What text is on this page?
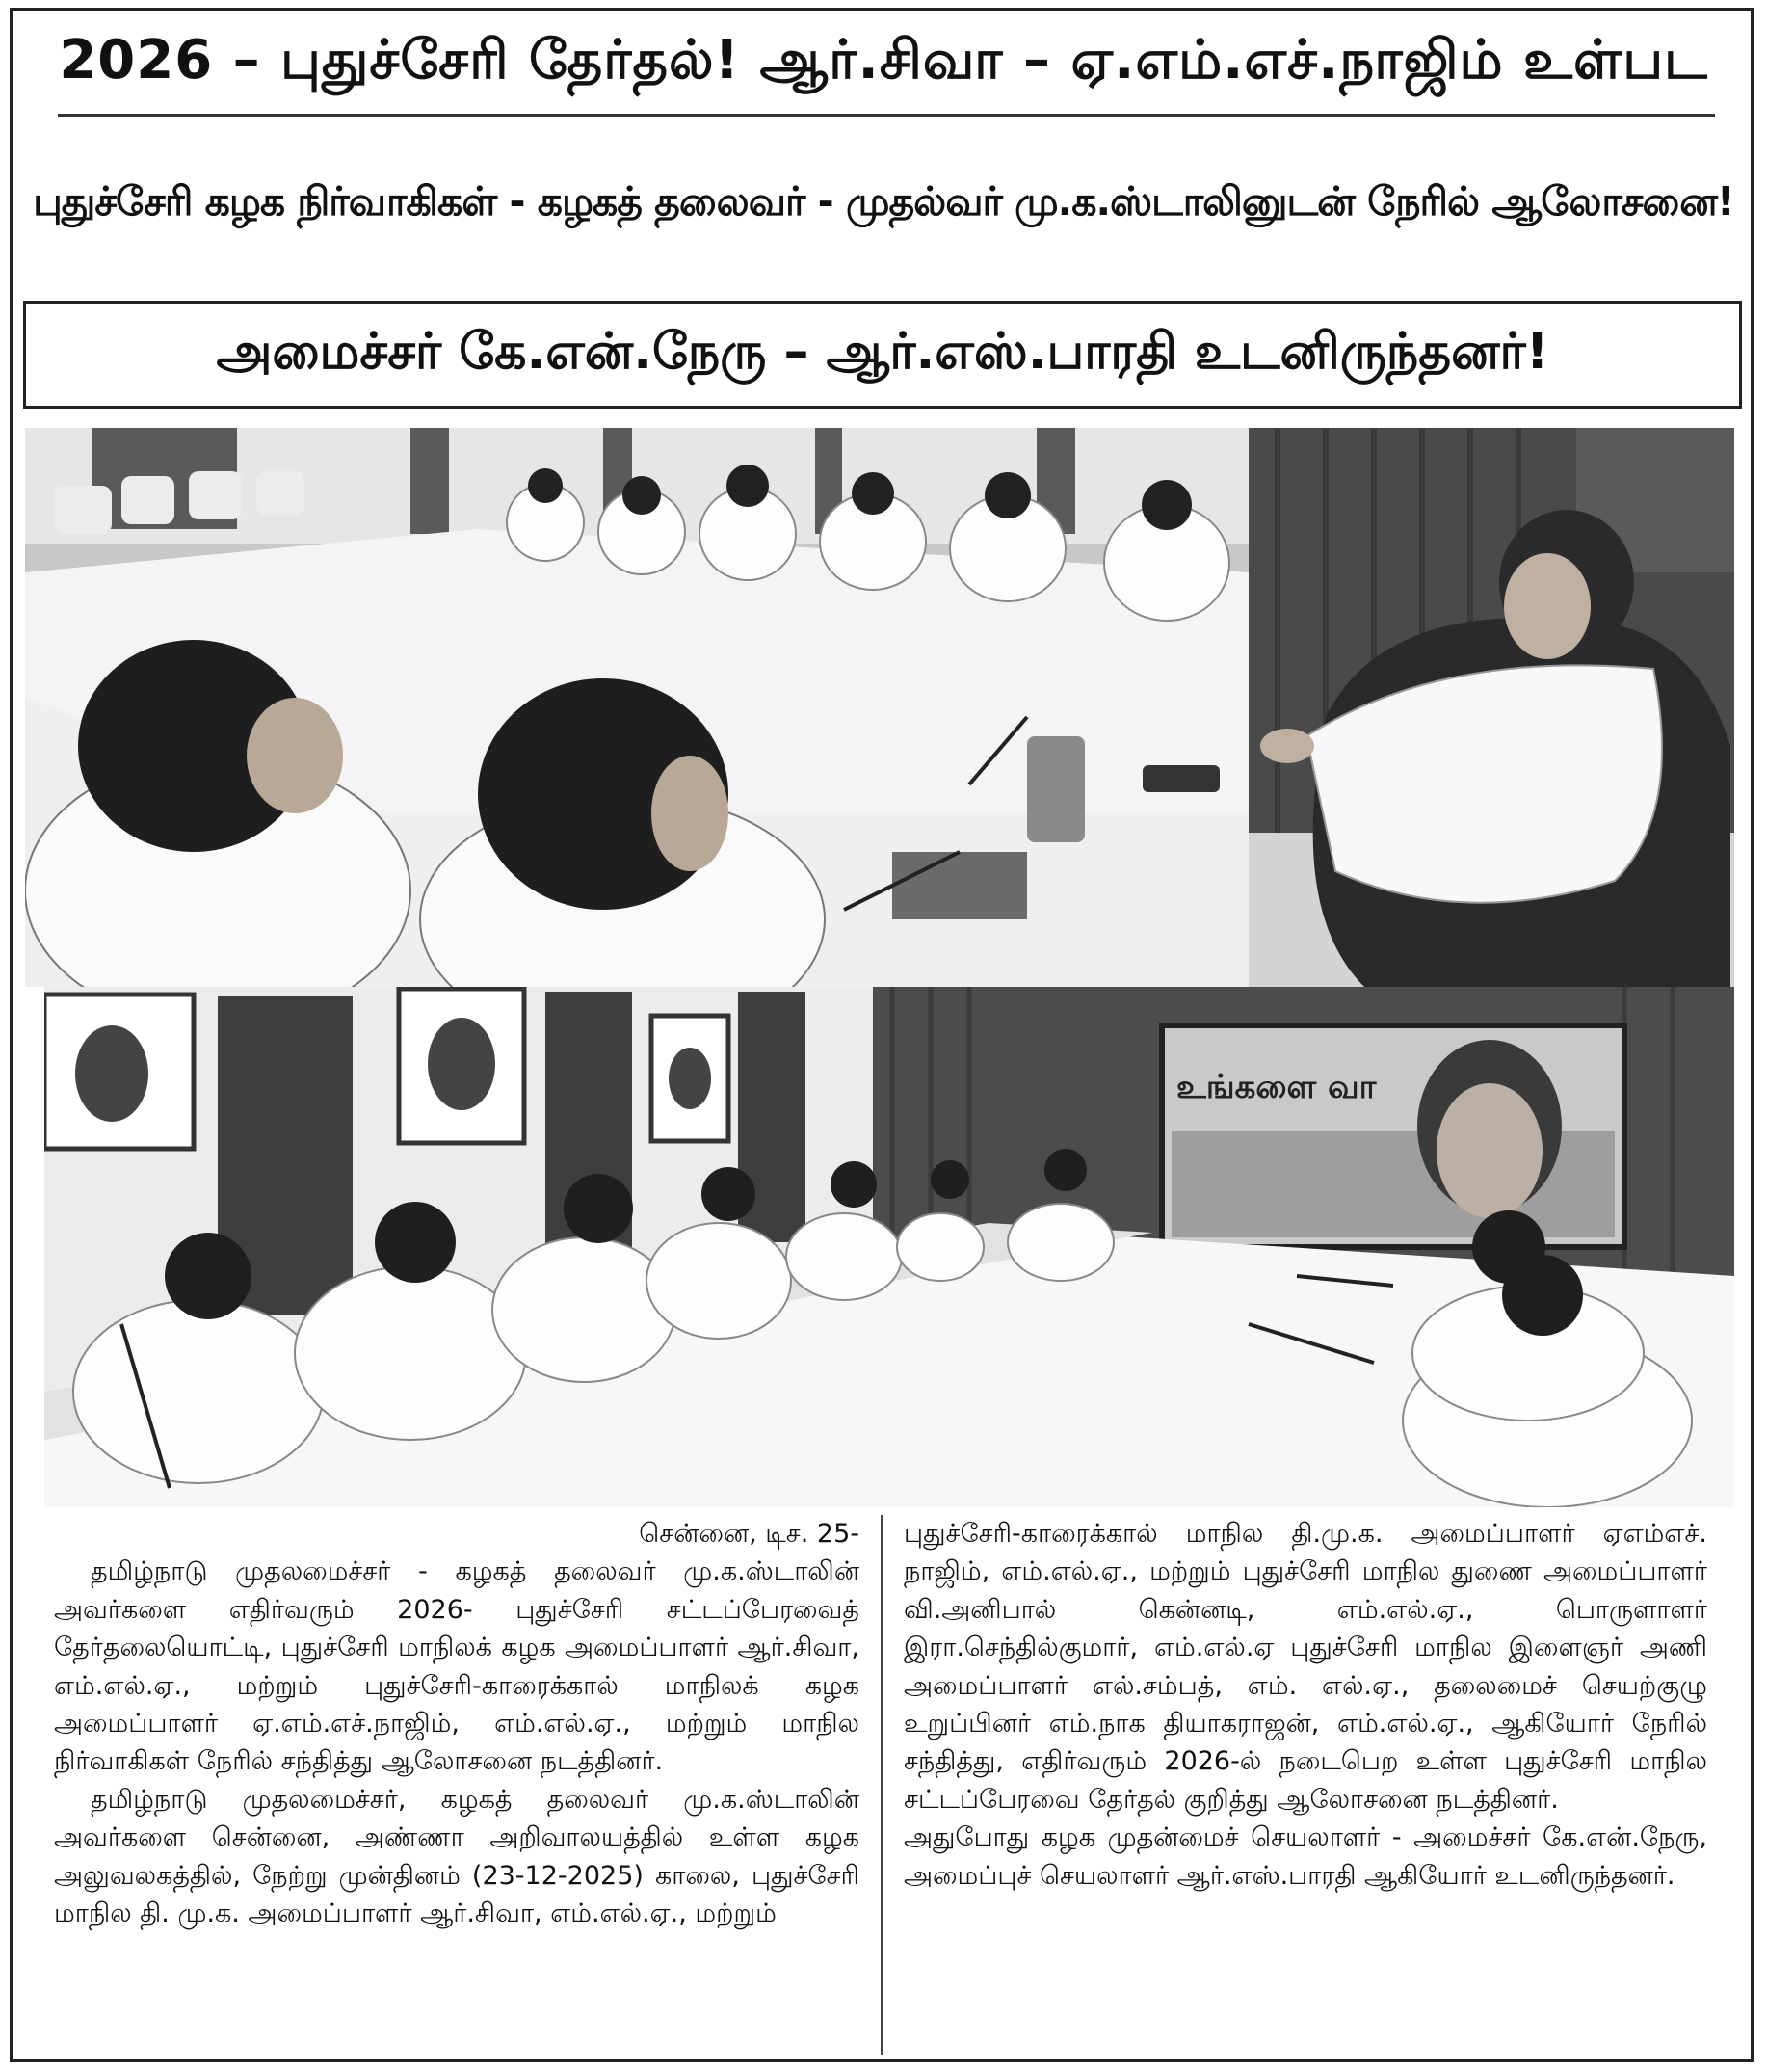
2026 – புதுச்சேரி தேர்தல்! ஆர்.சிவா – ஏ.எம்.எச்.நாஜிம் உள்பட
புதுச்சேரி கழக நிர்வாகிகள் - கழகத் தலைவர் - முதல்வர் மு.க.ஸ்டாலினுடன் நேரில் ஆலோசனை!
அமைச்சர் கே.என்.நேரு – ஆர்.எஸ்.பாரதி உடனிருந்தனர்!
உங்களை வா

சென்னை, டிச. 25-

தமிழ்நாடு முதலமைச்சர் - கழகத் தலைவர் மு.க.ஸ்டாலின் அவர்களை எதிர்வரும் 2026- புதுச்சேரி சட்டப்பேரவைத் தேர்தலையொட்டி, புதுச்சேரி மாநிலக் கழக அமைப்பாளர் ஆர்.சிவா, எம்.எல்.ஏ., மற்றும் புதுச்சேரி-காரைக்கால் மாநிலக் கழக அமைப்பாளர் ஏ.எம்.எச்.நாஜிம், எம்.எல்.ஏ., மற்றும் மாநில நிர்வாகிகள் நேரில் சந்தித்து ஆலோசனை நடத்தினர்.

தமிழ்நாடு முதலமைச்சர், கழகத் தலைவர் மு.க.ஸ்டாலின் அவர்களை சென்னை, அண்ணா அறிவாலயத்தில் உள்ள கழக அலுவலகத்தில், நேற்று முன்தினம் (23-12-2025) காலை, புதுச்சேரி மாநில தி. மு.க. அமைப்பாளர் ஆர்.சிவா, எம்.எல்.ஏ., மற்றும்

புதுச்சேரி-காரைக்கால் மாநில தி.மு.க. அமைப்பாளர் ஏஎம்எச். நாஜிம், எம்.எல்.ஏ., மற்றும் புதுச்சேரி மாநில துணை அமைப்பாளர் வி.அனிபால் கென்னடி, எம்.எல்.ஏ., பொருளாளர் இரா.செந்தில்குமார், எம்.எல்.ஏ புதுச்சேரி மாநில இளைஞர் அணி அமைப்பாளர் எல்.சம்பத், எம். எல்.ஏ., தலைமைச் செயற்குழு உறுப்பினர் எம்.நாக தியாகராஜன், எம்.எல்.ஏ., ஆகியோர் நேரில் சந்தித்து, எதிர்வரும் 2026-ல் நடைபெற உள்ள புதுச்சேரி மாநில சட்டப்பேரவை தேர்தல் குறித்து ஆலோசனை நடத்தினர்.

அதுபோது கழக முதன்மைச் செயலாளர் - அமைச்சர் கே.என்.நேரு, அமைப்புச் செயலாளர் ஆர்.எஸ்.பாரதி ஆகியோர் உடனிருந்தனர்.
